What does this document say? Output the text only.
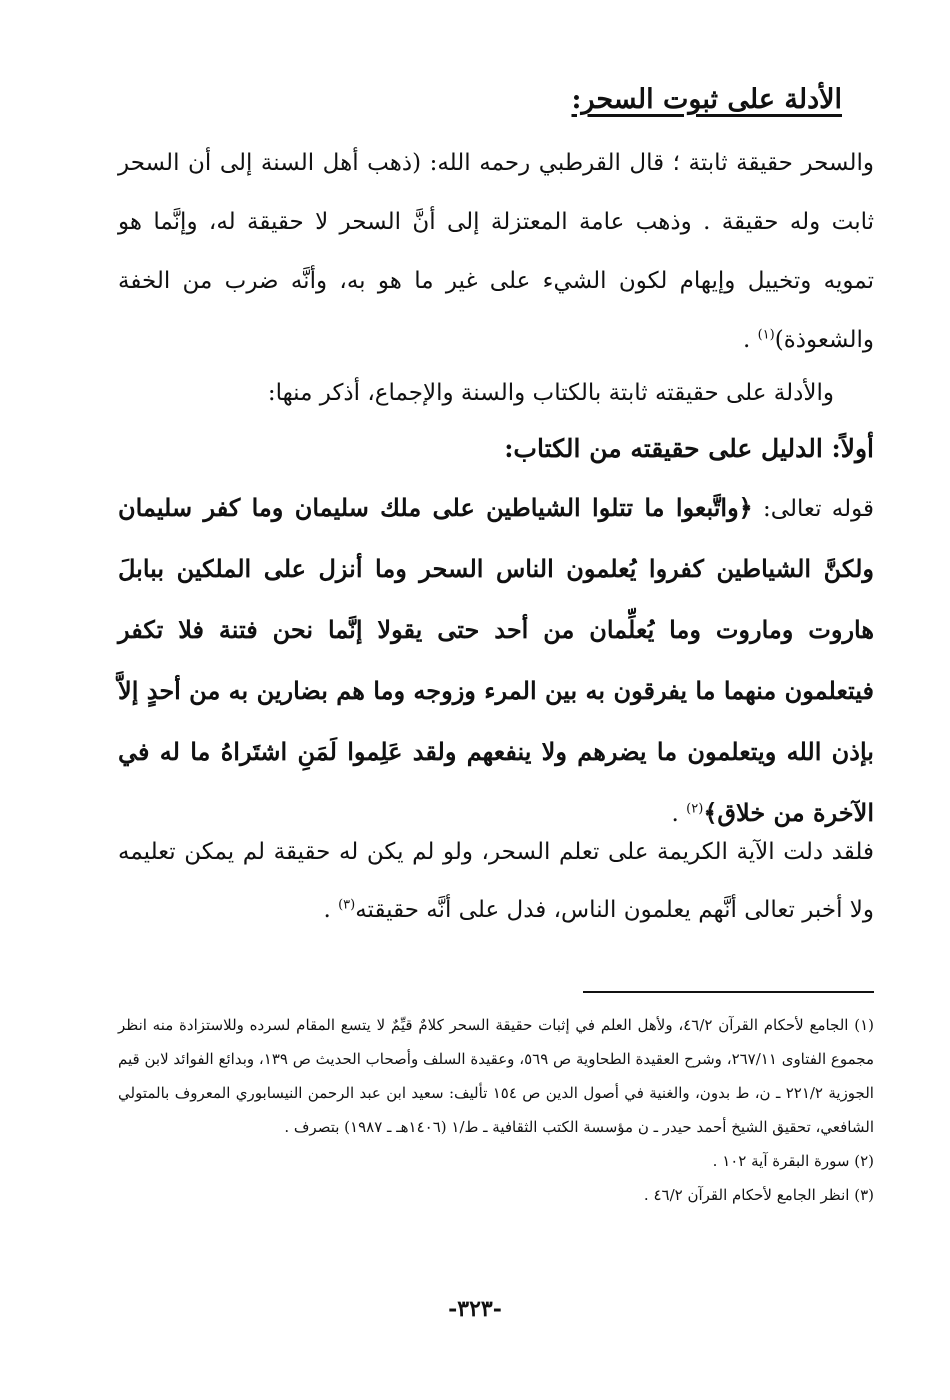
الأدلة على ثبوت السحر:
والسحر حقيقة ثابتة ؛ قال القرطبي رحمه الله: (ذهب أهل السنة إلى أن السحر ثابت وله حقيقة . وذهب عامة المعتزلة إلى أنَّ السحر لا حقيقة له، وإنَّما هو تمويه وتخييل وإيهام لكون الشيء على غير ما هو به، وأنَّه ضرب من الخفة والشعوذة)$^{(١)}$ .
والأدلة على حقيقته ثابتة بالكتاب والسنة والإجماع، أذكر منها:
أولاً: الدليل على حقيقته من الكتاب:
قوله تعالى: ﴿واتَّبعوا ما تتلوا الشياطين على ملك سليمان وما كفر سليمان ولكنَّ الشياطين كفروا يُعلمون الناس السحر وما أنزل على الملكين ببابلَ هاروت وماروت وما يُعلِّمان من أحد حتى يقولا إنَّما نحن فتنة فلا تكفر فيتعلمون منهما ما يفرقون به بين المرء وزوجه وما هم بضارين به من أحدٍ إلاَّ بإذن الله ويتعلمون ما يضرهم ولا ينفعهم ولقد عَلِموا لَمَنِ اشتَراهُ ما له في الآخرة من خلاق﴾$^{(٢)}$ .
فلقد دلت الآية الكريمة على تعلم السحر، ولو لم يكن له حقيقة لم يمكن تعليمه ولا أخبر تعالى أنَّهم يعلمون الناس، فدل على أنَّه حقيقته$^{(٣)}$ .
(١) الجامع لأحكام القرآن ٤٦/٢، ولأهل العلم في إثبات حقيقة السحر كلامٌ قيِّمٌ لا يتسع المقام لسرده وللاستزادة منه انظر مجموع الفتاوى ٢٦٧/١١، وشرح العقيدة الطحاوية ص ٥٦٩، وعقيدة السلف وأصحاب الحديث ص ١٣٩، وبدائع الفوائد لابن قيم الجوزية ٢٢١/٢ ـ ن، ط بدون، والغنية في أصول الدين ص ١٥٤ تأليف: سعيد ابن عبد الرحمن النيسابوري المعروف بالمتولي الشافعي، تحقيق الشيخ أحمد حيدر ـ ن مؤسسة الكتب الثقافية ـ ط/١ (١٤٠٦هـ ـ ١٩٨٧) بتصرف .
(٢) سورة البقرة آية ١٠٢ .
(٣) انظر الجامع لأحكام القرآن ٤٦/٢ .
-٣٢٣-
